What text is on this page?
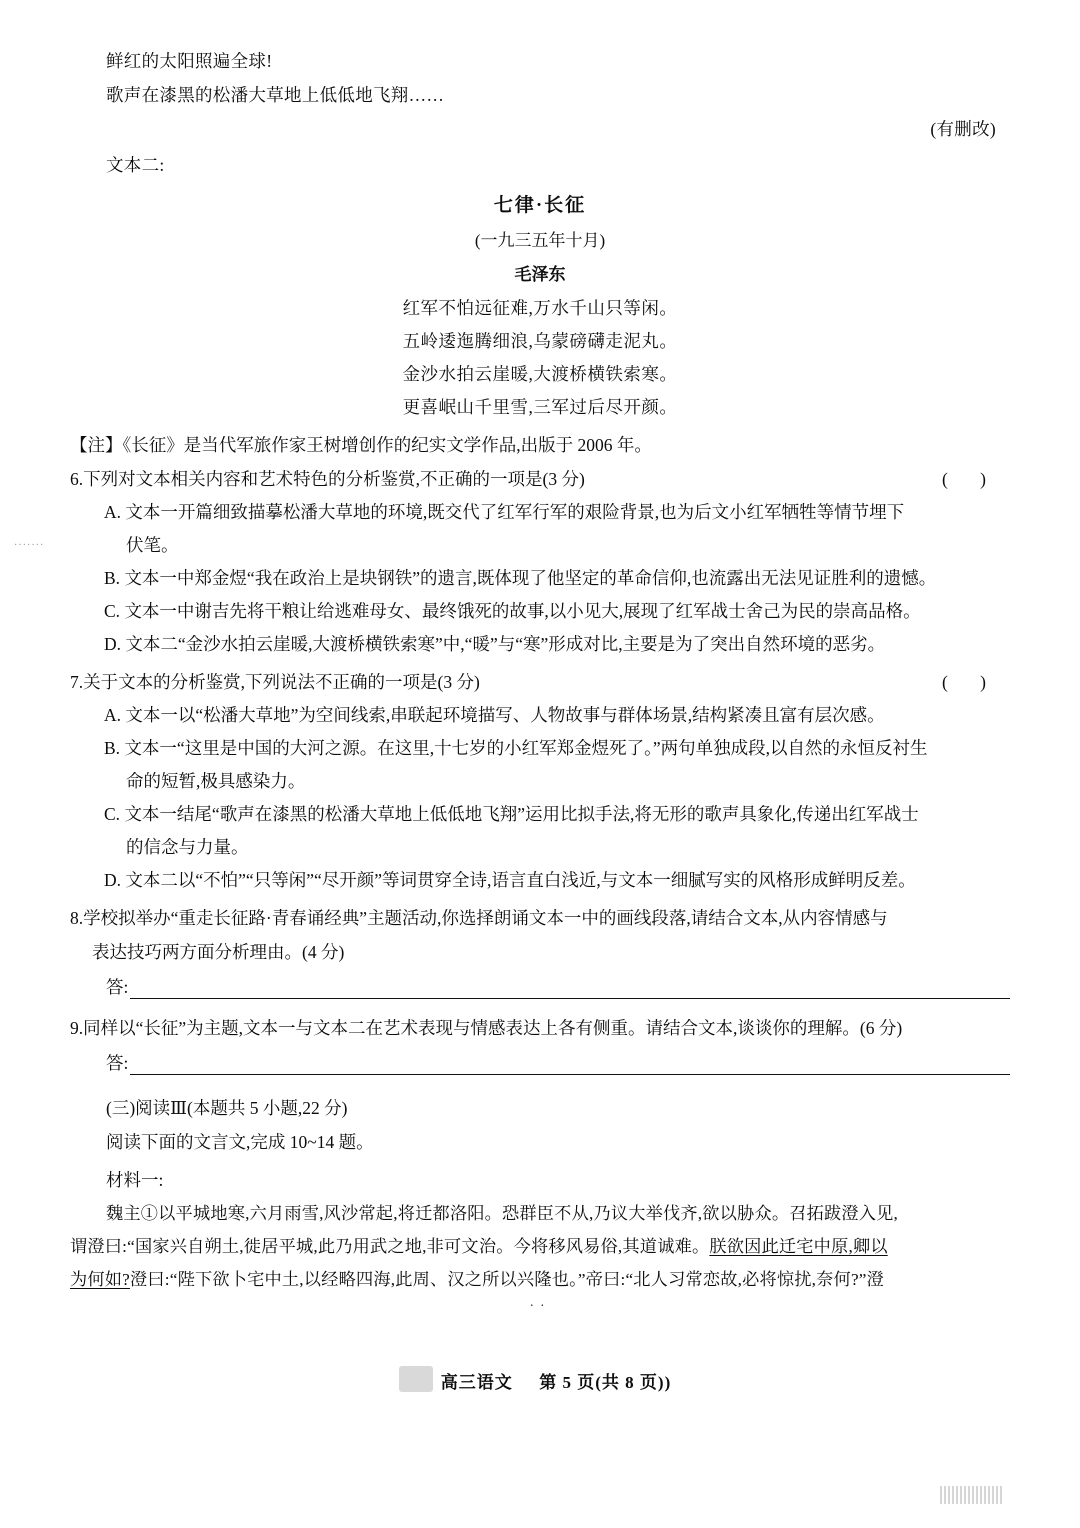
·······
鲜红的太阳照遍全球!
歌声在漆黑的松潘大草地上低低地飞翔……
(有删改)
文本二:
七律·长征
(一九三五年十月)
毛泽东
红军不怕远征难,万水千山只等闲。
五岭逶迤腾细浪,乌蒙磅礴走泥丸。
金沙水拍云崖暖,大渡桥横铁索寒。
更喜岷山千里雪,三军过后尽开颜。
【注】《长征》是当代军旅作家王树增创作的纪实文学作品,出版于 2006 年。
6.下列对文本相关内容和艺术特色的分析鉴赏,不正确的一项是(3 分)	( )
A. 文本一开篇细致描摹松潘大草地的环境,既交代了红军行军的艰险背景,也为后文小红军牺牲等情节埋下
伏笔。
B. 文本一中郑金煜“我在政治上是块钢铁”的遗言,既体现了他坚定的革命信仰,也流露出无法见证胜利的遗憾。
C. 文本一中谢吉先将干粮让给逃难母女、最终饿死的故事,以小见大,展现了红军战士舍己为民的崇高品格。
D. 文本二“金沙水拍云崖暖,大渡桥横铁索寒”中,“暖”与“寒”形成对比,主要是为了突出自然环境的恶劣。
7.关于文本的分析鉴赏,下列说法不正确的一项是(3 分)	( )
A. 文本一以“松潘大草地”为空间线索,串联起环境描写、人物故事与群体场景,结构紧凑且富有层次感。
B. 文本一“这里是中国的大河之源。在这里,十七岁的小红军郑金煜死了。”两句单独成段,以自然的永恒反衬生
命的短暂,极具感染力。
C. 文本一结尾“歌声在漆黑的松潘大草地上低低地飞翔”运用比拟手法,将无形的歌声具象化,传递出红军战士
的信念与力量。
D. 文本二以“不怕”“只等闲”“尽开颜”等词贯穿全诗,语言直白浅近,与文本一细腻写实的风格形成鲜明反差。
8.学校拟举办“重走长征路·青春诵经典”主题活动,你选择朗诵文本一中的画线段落,请结合文本,从内容情感与
表达技巧两方面分析理由。(4 分)
答:
9.同样以“长征”为主题,文本一与文本二在艺术表现与情感表达上各有侧重。请结合文本,谈谈你的理解。(6 分)
答:
(三)阅读Ⅲ(本题共 5 小题,22 分)
阅读下面的文言文,完成 10~14 题。
材料一:
魏主①以平城地寒,六月雨雪,风沙常起,将迁都洛阳。恐群臣不从,乃议大举伐齐,欲以胁众。召拓跋澄入见,
谓澄曰:“国家兴自朔土,徙居平城,此乃用武之地,非可文治。今将移风易俗,其道诚难。朕欲因此迁宅中原,卿以
为何如?澄曰:“陛下欲卜宅中土,以经略四海,此周、汉之所以兴隆也。”帝曰:“北人习常恋故,必将惊扰,奈何?”澄
··
高三语文 第 5 页(共 8 页))
